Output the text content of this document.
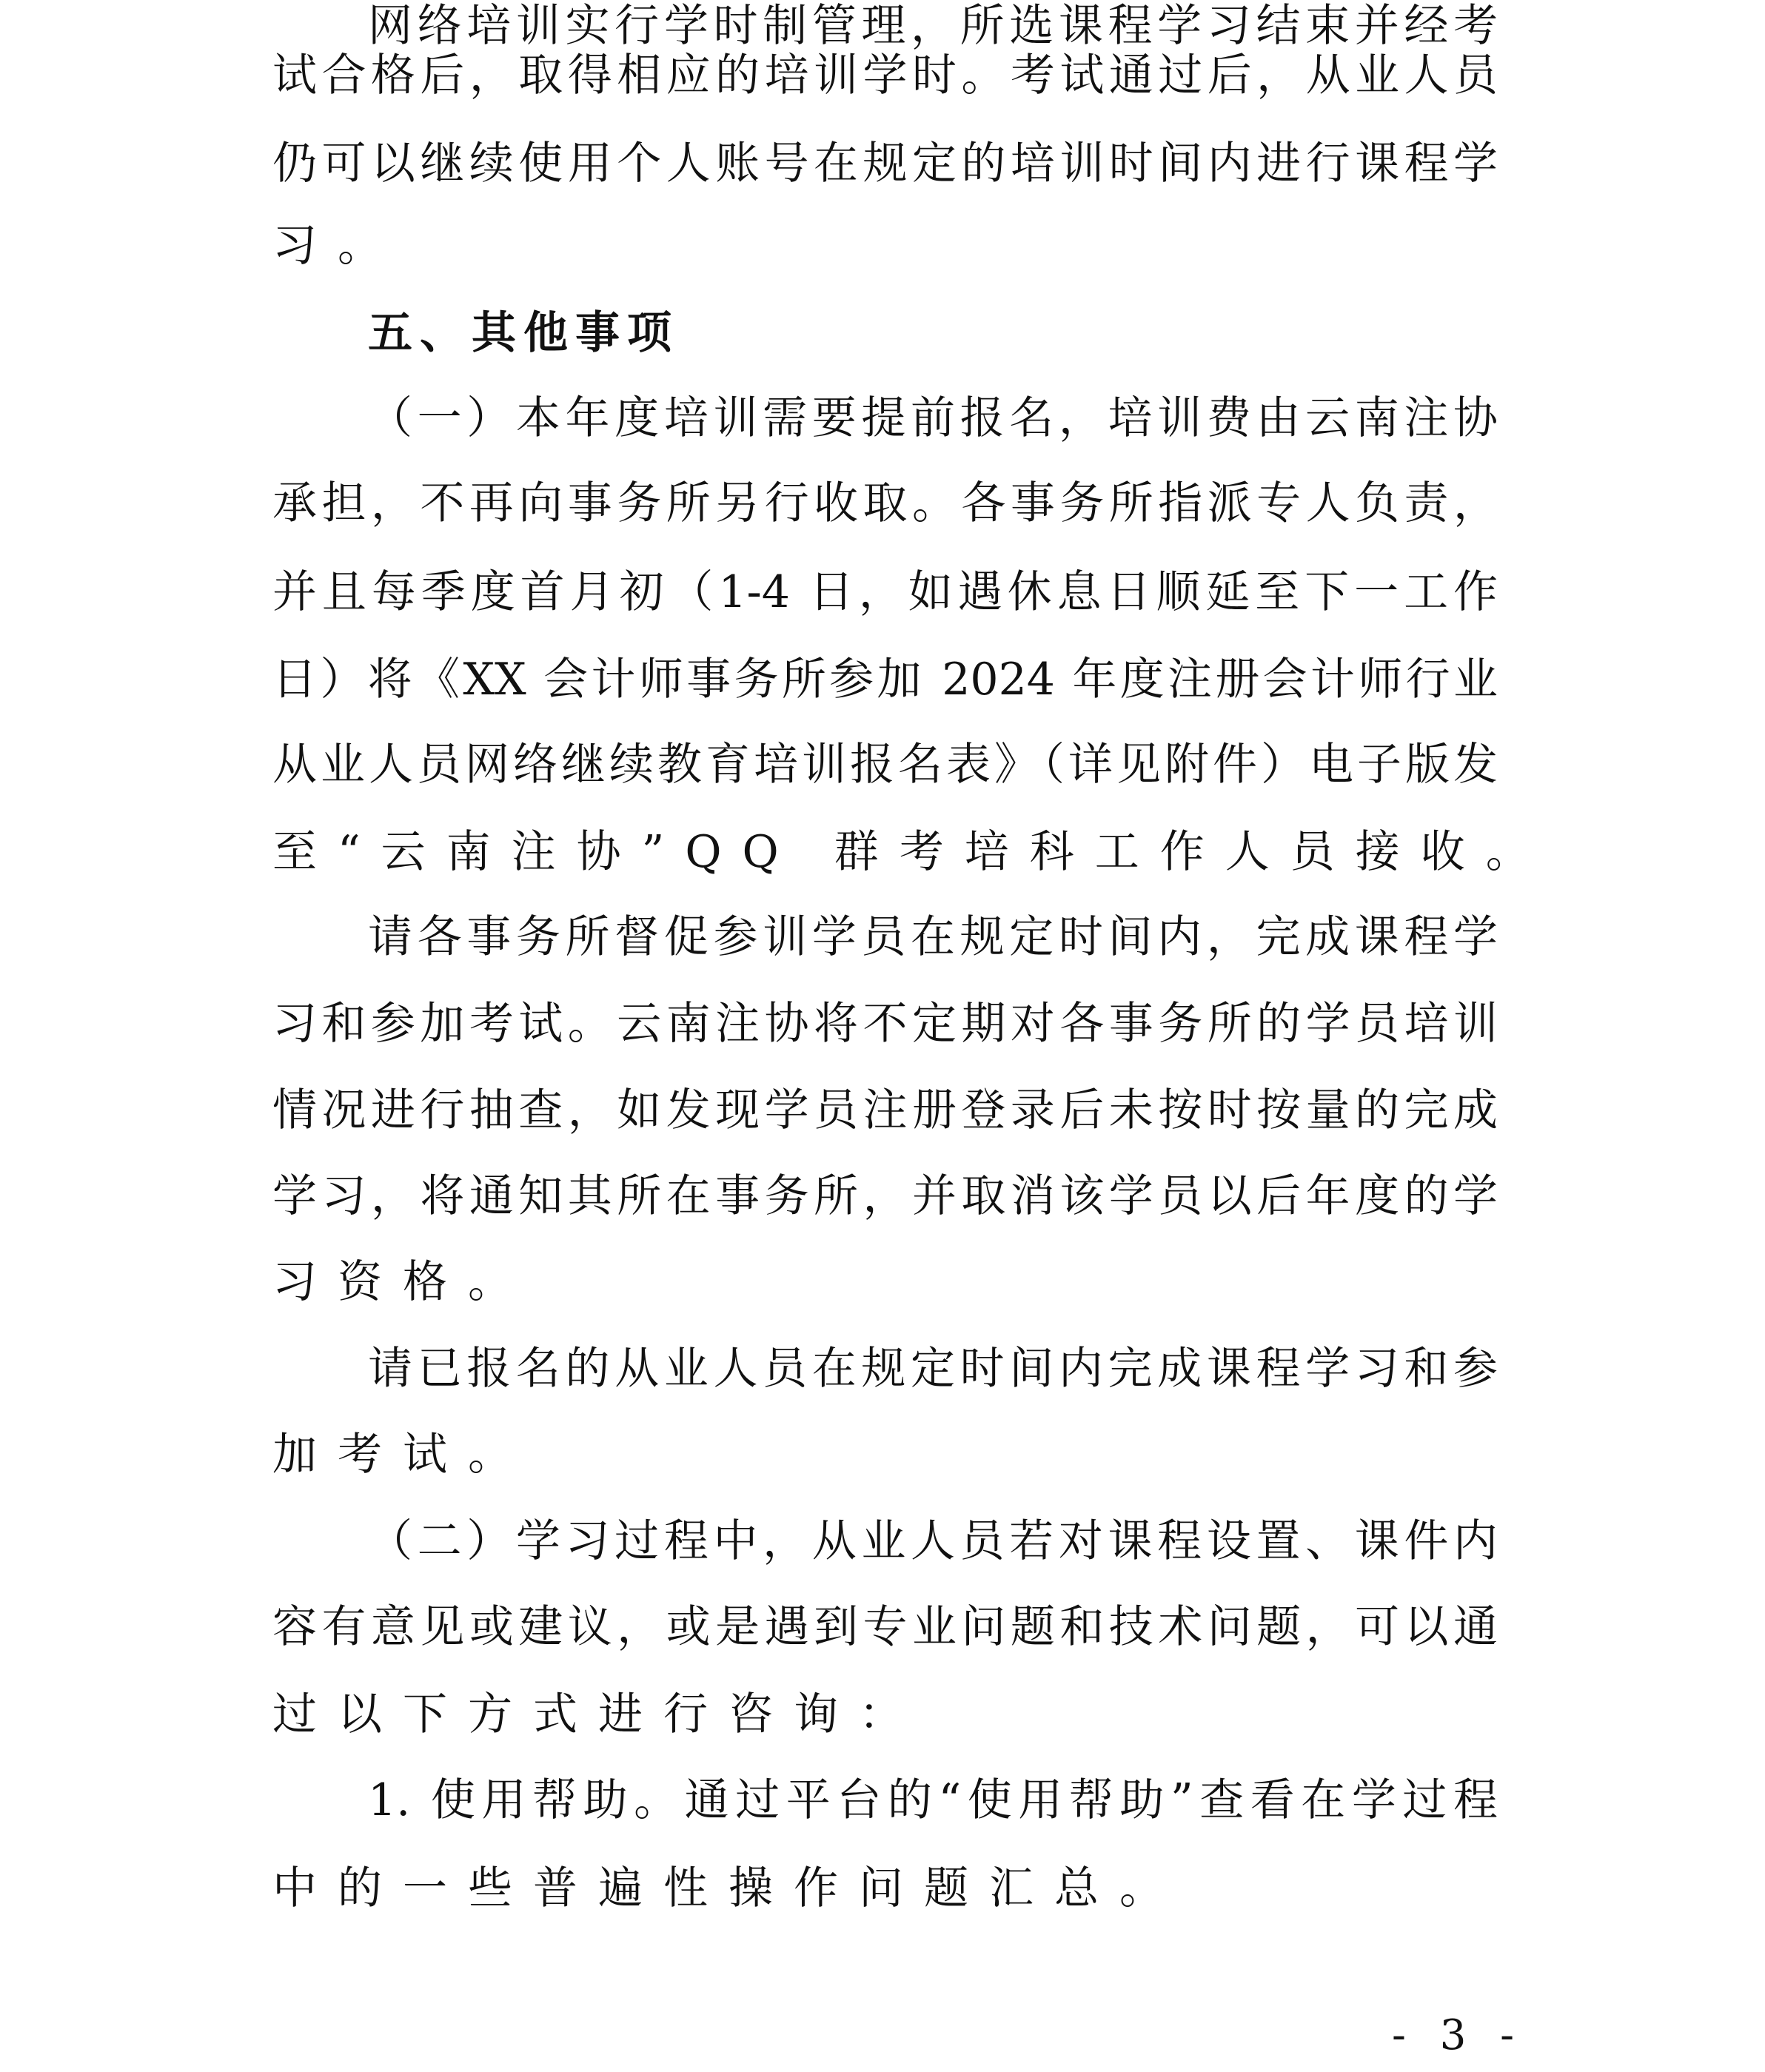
网络培训实行学时制管理，所选课程学习结束并经考
试合格后，取得相应的培训学时。考试通过后，从业人员
仍可以继续使用个人账号在规定的培训时间内进行课程学
习。
五、其他事项
（一）本年度培训需要提前报名，培训费由云南注协
承担，不再向事务所另行收取。各事务所指派专人负责，
并且每季度首月初（1-4 日，如遇休息日顺延至下一工作
日）将《XX 会计师事务所参加 2024 年度注册会计师行业
从业人员网络继续教育培训报名表》（详见附件）电子版发
至“云南注协”QQ 群考培科工作人员接收。
请各事务所督促参训学员在规定时间内，完成课程学
习和参加考试。云南注协将不定期对各事务所的学员培训
情况进行抽查，如发现学员注册登录后未按时按量的完成
学习，将通知其所在事务所，并取消该学员以后年度的学
习资格。
请已报名的从业人员在规定时间内完成课程学习和参
加考试。
（二）学习过程中，从业人员若对课程设置、课件内
容有意见或建议，或是遇到专业问题和技术问题，可以通
过以下方式进行咨询：
1. 使用帮助。通过平台的“使用帮助”查看在学过程
中的一些普遍性操作问题汇总。
- 3 -
